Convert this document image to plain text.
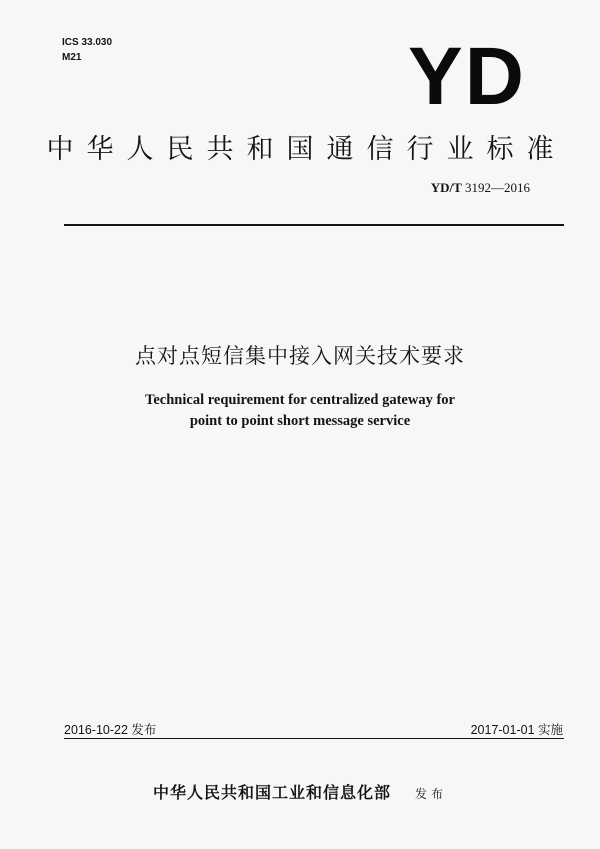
ICS 33.030
M21	YD
中华人民共和国通信行业标准
YD/T 3192—2016
点对点短信集中接入网关技术要求
Technical requirement for centralized gateway for
point to point short message service
2016-10-22 发布	2017-01-01 实施
中华人民共和国工业和信息化部 发布
